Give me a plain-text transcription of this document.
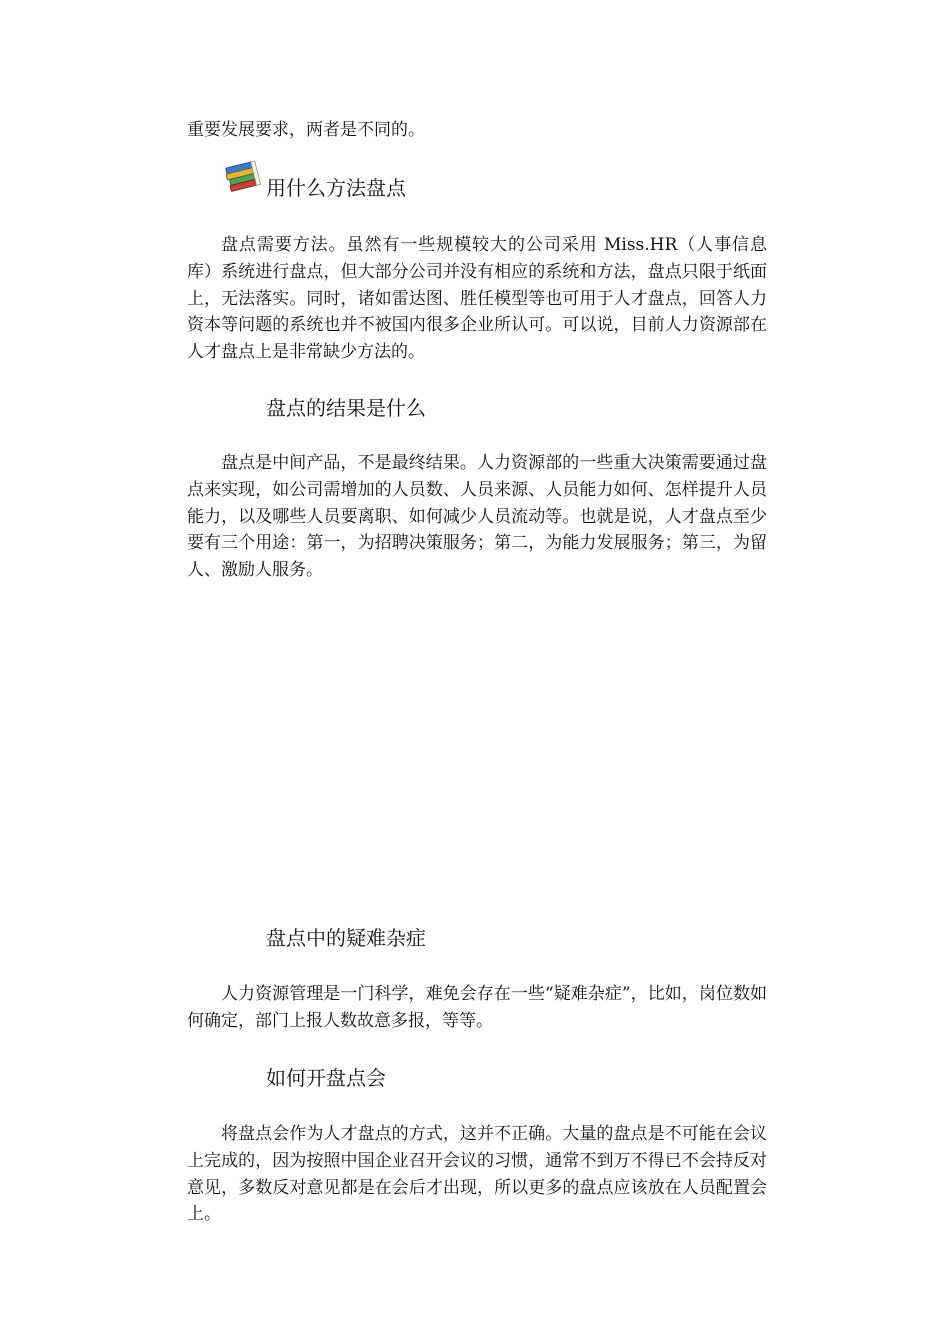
重要发展要求，两者是不同的。
用什么方法盘点

盘点需要方法。虽然有一些规模较大的公司采用 Miss.HR（人事信息库）系统进行盘点，但大部分公司并没有相应的系统和方法，盘点只限于纸面上，无法落实。同时，诸如雷达图、胜任模型等也可用于人才盘点，回答人力资本等问题的系统也并不被国内很多企业所认可。可以说，目前人力资源部在人才盘点上是非常缺少方法的。

盘点的结果是什么

盘点是中间产品，不是最终结果。人力资源部的一些重大决策需要通过盘点来实现，如公司需增加的人员数、人员来源、人员能力如何、怎样提升人员能力，以及哪些人员要离职、如何减少人员流动等。也就是说，人才盘点至少要有三个用途：第一，为招聘决策服务；第二，为能力发展服务；第三，为留人、激励人服务。

盘点中的疑难杂症

人力资源管理是一门科学，难免会存在一些“疑难杂症”，比如，岗位数如何确定，部门上报人数故意多报，等等。

如何开盘点会

将盘点会作为人才盘点的方式，这并不正确。大量的盘点是不可能在会议上完成的，因为按照中国企业召开会议的习惯，通常不到万不得已不会持反对意见，多数反对意见都是在会后才出现，所以更多的盘点应该放在人员配置会上。
